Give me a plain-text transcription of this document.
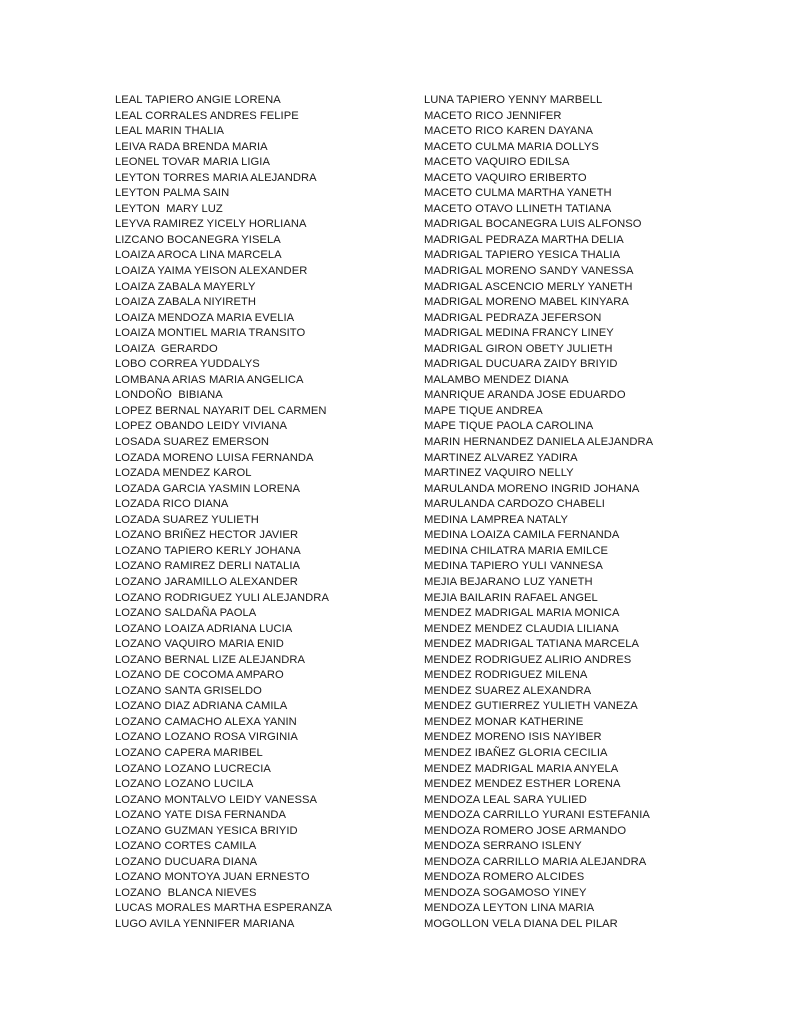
LEAL TAPIERO ANGIE LORENA
LEAL CORRALES ANDRES FELIPE
LEAL MARIN THALIA
LEIVA RADA BRENDA MARIA
LEONEL TOVAR MARIA LIGIA
LEYTON TORRES MARIA ALEJANDRA
LEYTON PALMA SAIN
LEYTON  MARY LUZ
LEYVA RAMIREZ YICELY HORLIANA
LIZCANO BOCANEGRA YISELA
LOAIZA AROCA LINA MARCELA
LOAIZA YAIMA YEISON ALEXANDER
LOAIZA ZABALA MAYERLY
LOAIZA ZABALA NIYIRETH
LOAIZA MENDOZA MARIA EVELIA
LOAIZA MONTIEL MARIA TRANSITO
LOAIZA  GERARDO
LOBO CORREA YUDDALYS
LOMBANA ARIAS MARIA ANGELICA
LONDOÑO  BIBIANA
LOPEZ BERNAL NAYARIT DEL CARMEN
LOPEZ OBANDO LEIDY VIVIANA
LOSADA SUAREZ EMERSON
LOZADA MORENO LUISA FERNANDA
LOZADA MENDEZ KAROL
LOZADA GARCIA YASMIN LORENA
LOZADA RICO DIANA
LOZADA SUAREZ YULIETH
LOZANO BRIÑEZ HECTOR JAVIER
LOZANO TAPIERO KERLY JOHANA
LOZANO RAMIREZ DERLI NATALIA
LOZANO JARAMILLO ALEXANDER
LOZANO RODRIGUEZ YULI ALEJANDRA
LOZANO SALDAÑA PAOLA
LOZANO LOAIZA ADRIANA LUCIA
LOZANO VAQUIRO MARIA ENID
LOZANO BERNAL LIZE ALEJANDRA
LOZANO DE COCOMA AMPARO
LOZANO SANTA GRISELDO
LOZANO DIAZ ADRIANA CAMILA
LOZANO CAMACHO ALEXA YANIN
LOZANO LOZANO ROSA VIRGINIA
LOZANO CAPERA MARIBEL
LOZANO LOZANO LUCRECIA
LOZANO LOZANO LUCILA
LOZANO MONTALVO LEIDY VANESSA
LOZANO YATE DISA FERNANDA
LOZANO GUZMAN YESICA BRIYID
LOZANO CORTES CAMILA
LOZANO DUCUARA DIANA
LOZANO MONTOYA JUAN ERNESTO
LOZANO  BLANCA NIEVES
LUCAS MORALES MARTHA ESPERANZA
LUGO AVILA YENNIFER MARIANA
LUNA TAPIERO YENNY MARBELL
MACETO RICO JENNIFER
MACETO RICO KAREN DAYANA
MACETO CULMA MARIA DOLLYS
MACETO VAQUIRO EDILSA
MACETO VAQUIRO ERIBERTO
MACETO CULMA MARTHA YANETH
MACETO OTAVO LLINETH TATIANA
MADRIGAL BOCANEGRA LUIS ALFONSO
MADRIGAL PEDRAZA MARTHA DELIA
MADRIGAL TAPIERO YESICA THALIA
MADRIGAL MORENO SANDY VANESSA
MADRIGAL ASCENCIO MERLY YANETH
MADRIGAL MORENO MABEL KINYARA
MADRIGAL PEDRAZA JEFERSON
MADRIGAL MEDINA FRANCY LINEY
MADRIGAL GIRON OBETY JULIETH
MADRIGAL DUCUARA ZAIDY BRIYID
MALAMBO MENDEZ DIANA
MANRIQUE ARANDA JOSE EDUARDO
MAPE TIQUE ANDREA
MAPE TIQUE PAOLA CAROLINA
MARIN HERNANDEZ DANIELA ALEJANDRA
MARTINEZ ALVAREZ YADIRA
MARTINEZ VAQUIRO NELLY
MARULANDA MORENO INGRID JOHANA
MARULANDA CARDOZO CHABELI
MEDINA LAMPREA NATALY
MEDINA LOAIZA CAMILA FERNANDA
MEDINA CHILATRA MARIA EMILCE
MEDINA TAPIERO YULI VANNESA
MEJIA BEJARANO LUZ YANETH
MEJIA BAILARIN RAFAEL ANGEL
MENDEZ MADRIGAL MARIA MONICA
MENDEZ MENDEZ CLAUDIA LILIANA
MENDEZ MADRIGAL TATIANA MARCELA
MENDEZ RODRIGUEZ ALIRIO ANDRES
MENDEZ RODRIGUEZ MILENA
MENDEZ SUAREZ ALEXANDRA
MENDEZ GUTIERREZ YULIETH VANEZA
MENDEZ MONAR KATHERINE
MENDEZ MORENO ISIS NAYIBER
MENDEZ IBAÑEZ GLORIA CECILIA
MENDEZ MADRIGAL MARIA ANYELA
MENDEZ MENDEZ ESTHER LORENA
MENDOZA LEAL SARA YULIED
MENDOZA CARRILLO YURANI ESTEFANIA
MENDOZA ROMERO JOSE ARMANDO
MENDOZA SERRANO ISLENY
MENDOZA CARRILLO MARIA ALEJANDRA
MENDOZA ROMERO ALCIDES
MENDOZA SOGAMOSO YINEY
MENDOZA LEYTON LINA MARIA
MOGOLLON VELA DIANA DEL PILAR
